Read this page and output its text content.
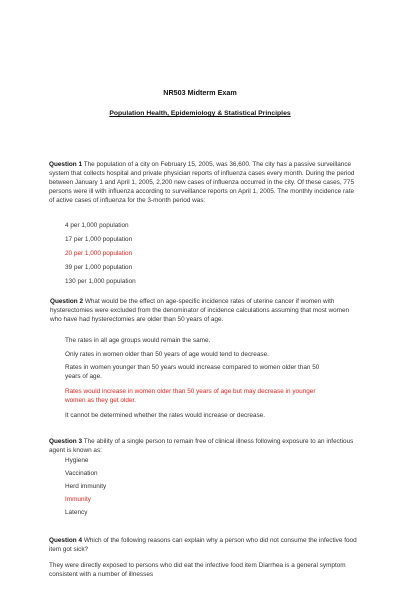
NR503 Midterm Exam
Population Health, Epidemiology & Statistical Principles
Question 1 The population of a city on February 15, 2005, was 36,600. The city has a passive surveillance system that collects hospital and private physician reports of influenza cases every month. During the period between January 1 and April 1, 2005, 2,200 new cases of influenza occurred in the city. Of these cases, 775 persons were ill with influenza according to surveillance reports on April 1, 2005. The monthly incidence rate of active cases of influenza for the 3-month period was:
4 per 1,000 population
17 per 1,000 population
20 per 1,000 population
39 per 1,000 population
130 per 1,000 population
Question 2 What would be the effect on age-specific incidence rates of uterine cancer if women with hysterectomies were excluded from the denominator of incidence calculations assuming that most women who have had hysterectomies are older than 50 years of age.
The rates in all age groups would remain the same.
Only rates in women older than 50 years of age would tend to decrease.
Rates in women younger than 50 years would increase compared to women older than 50 years of age.
Rates would increase in women older than 50 years of age but may decrease in younger women as they get older.
It cannot be determined whether the rates would increase or decrease.
Question 3 The ability of a single person to remain free of clinical illness following exposure to an infectious agent is known as:
Hygiene
Vaccination
Herd immunity
Immunity
Latency
Question 4 Which of the following reasons can explain why a person who did not consume the infective food item got sick?
They were directly exposed to persons who did eat the infective food item Diarrhea is a general symptom consistent with a number of illnesses
